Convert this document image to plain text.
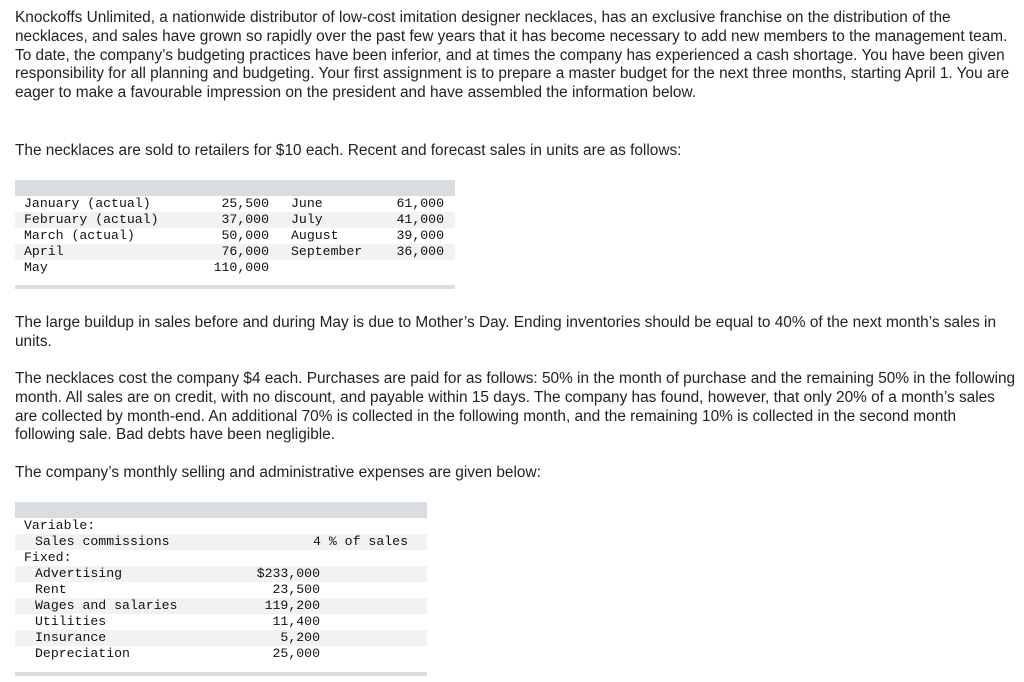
Knockoffs Unlimited, a nationwide distributor of low-cost imitation designer necklaces, has an exclusive franchise on the distribution of the necklaces, and sales have grown so rapidly over the past few years that it has become necessary to add new members to the management team. To date, the company’s budgeting practices have been inferior, and at times the company has experienced a cash shortage. You have been given responsibility for all planning and budgeting. Your first assignment is to prepare a master budget for the next three months, starting April 1. You are eager to make a favourable impression on the president and have assembled the information below.

The necklaces are sold to retailers for $10 each. Recent and forecast sales in units are as follows:

January (actual)	25,500 June	61,000
February (actual)	37,000 July	41,000
March (actual)	50,000 August	39,000
April	76,000 September	36,000
May	110,000

The large buildup in sales before and during May is due to Mother’s Day. Ending inventories should be equal to 40% of the next month’s sales in units.

The necklaces cost the company $4 each. Purchases are paid for as follows: 50% in the month of purchase and the remaining 50% in the following month. All sales are on credit, with no discount, and payable within 15 days. The company has found, however, that only 20% of a month’s sales are collected by month-end. An additional 70% is collected in the following month, and the remaining 10% is collected in the second month following sale. Bad debts have been negligible.

The company’s monthly selling and administrative expenses are given below:

Variable:
Sales commissions	4 % of sales
Fixed:
Advertising	$233,000
Rent	23,500
Wages and salaries	119,200
Utilities	11,400
Insurance	5,200
Depreciation	25,000
